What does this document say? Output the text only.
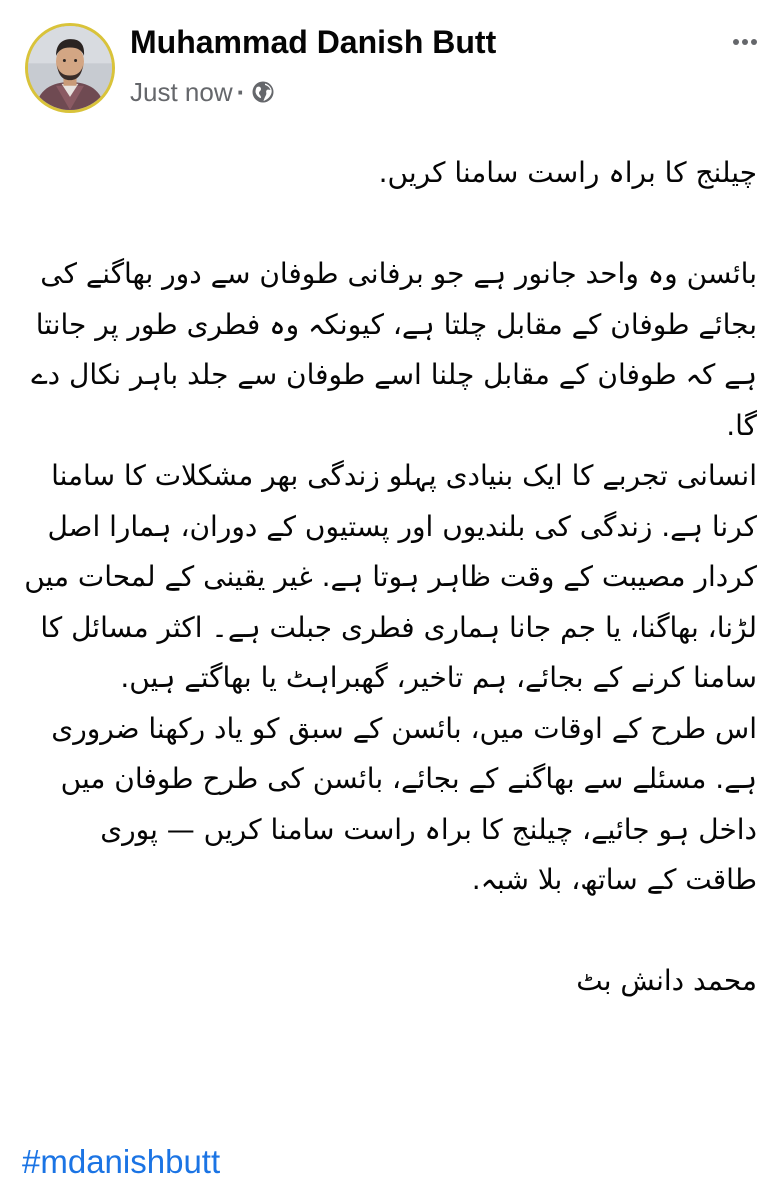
Muhammad Danish Butt
Just now ·

چیلنج کا براہ راست سامنا کریں.

بائسن وہ واحد جانور ہے جو برفانی طوفان سے دور بھاگنے کی بجائے طوفان کے مقابل چلتا ہے، کیونکہ وہ فطری طور پر جانتا ہے کہ طوفان کے مقابل چلنا اسے طوفان سے جلد باہر نکال دے گا.

انسانی تجربے کا ایک بنیادی پہلو زندگی بھر مشکلات کا سامنا کرنا ہے. زندگی کی بلندیوں اور پستیوں کے دوران، ہمارا اصل کردار مصیبت کے وقت ظاہر ہوتا ہے. غیر یقینی کے لمحات میں لڑنا، بھاگنا، یا جم جانا ہماری فطری جبلت ہے۔ اکثر مسائل کا سامنا کرنے کے بجائے، ہم تاخیر، گھبراہٹ یا بھاگتے ہیں.

اس طرح کے اوقات میں، بائسن کے سبق کو یاد رکھنا ضروری ہے. مسئلے سے بھاگنے کے بجائے، بائسن کی طرح طوفان میں داخل ہو جائیے، چیلنج کا براہ راست سامنا کریں — پوری طاقت کے ساتھ، بلا شبہ.

محمد دانش بٹ

#mdanishbutt
